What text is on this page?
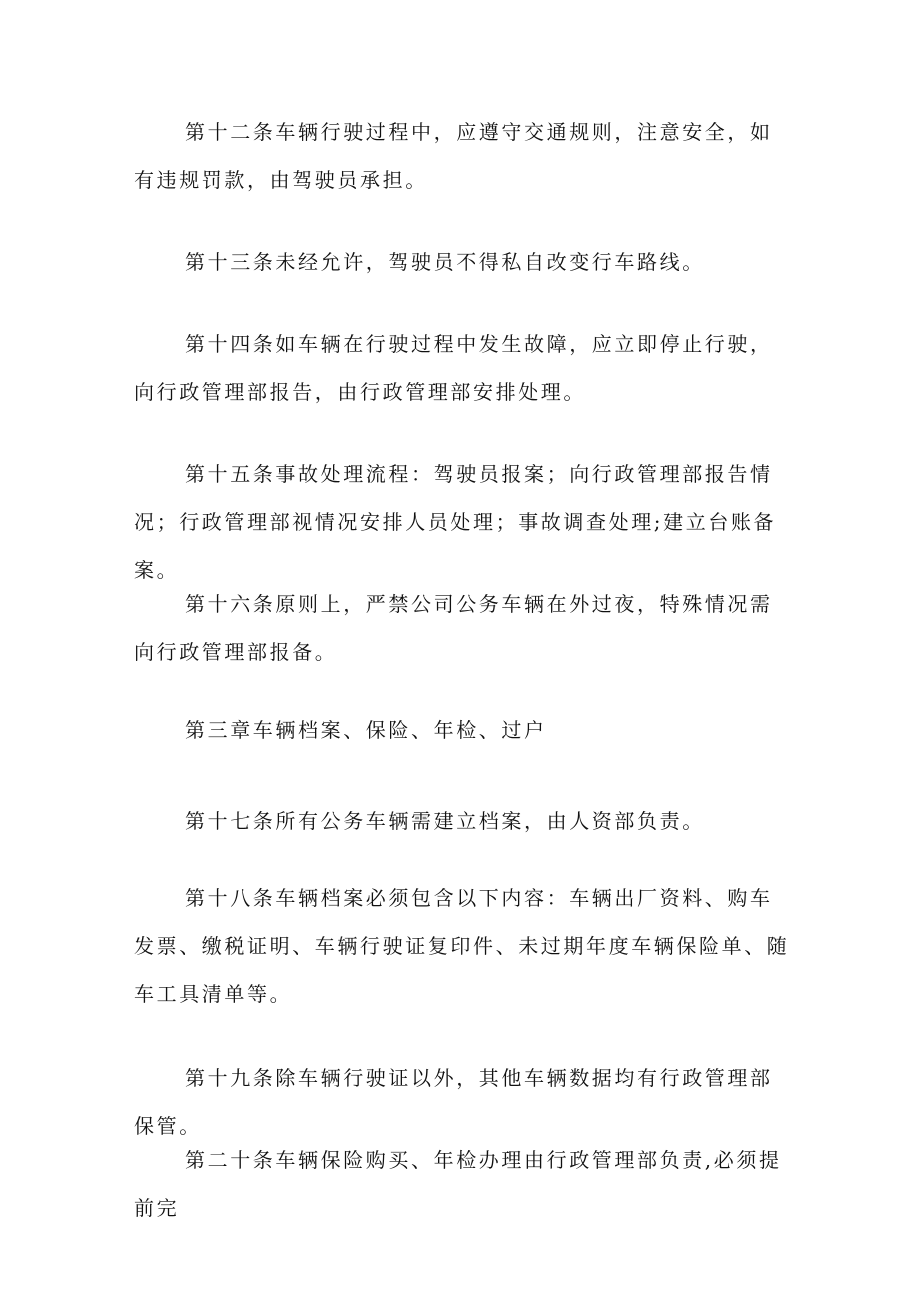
第十二条车辆行驶过程中，应遵守交通规则，注意安全，如有违规罚款，由驾驶员承担。

第十三条未经允许，驾驶员不得私自改变行车路线。

第十四条如车辆在行驶过程中发生故障，应立即停止行驶，向行政管理部报告，由行政管理部安排处理。

第十五条事故处理流程：驾驶员报案；向行政管理部报告情况；行政管理部视情况安排人员处理；事故调查处理;建立台账备案。

第十六条原则上，严禁公司公务车辆在外过夜，特殊情况需向行政管理部报备。

第三章车辆档案、保险、年检、过户

第十七条所有公务车辆需建立档案，由人资部负责。

第十八条车辆档案必须包含以下内容：车辆出厂资料、购车发票、缴税证明、车辆行驶证复印件、未过期年度车辆保险单、随车工具清单等。

第十九条除车辆行驶证以外，其他车辆数据均有行政管理部保管。

第二十条车辆保险购买、年检办理由行政管理部负责,必须提前完
